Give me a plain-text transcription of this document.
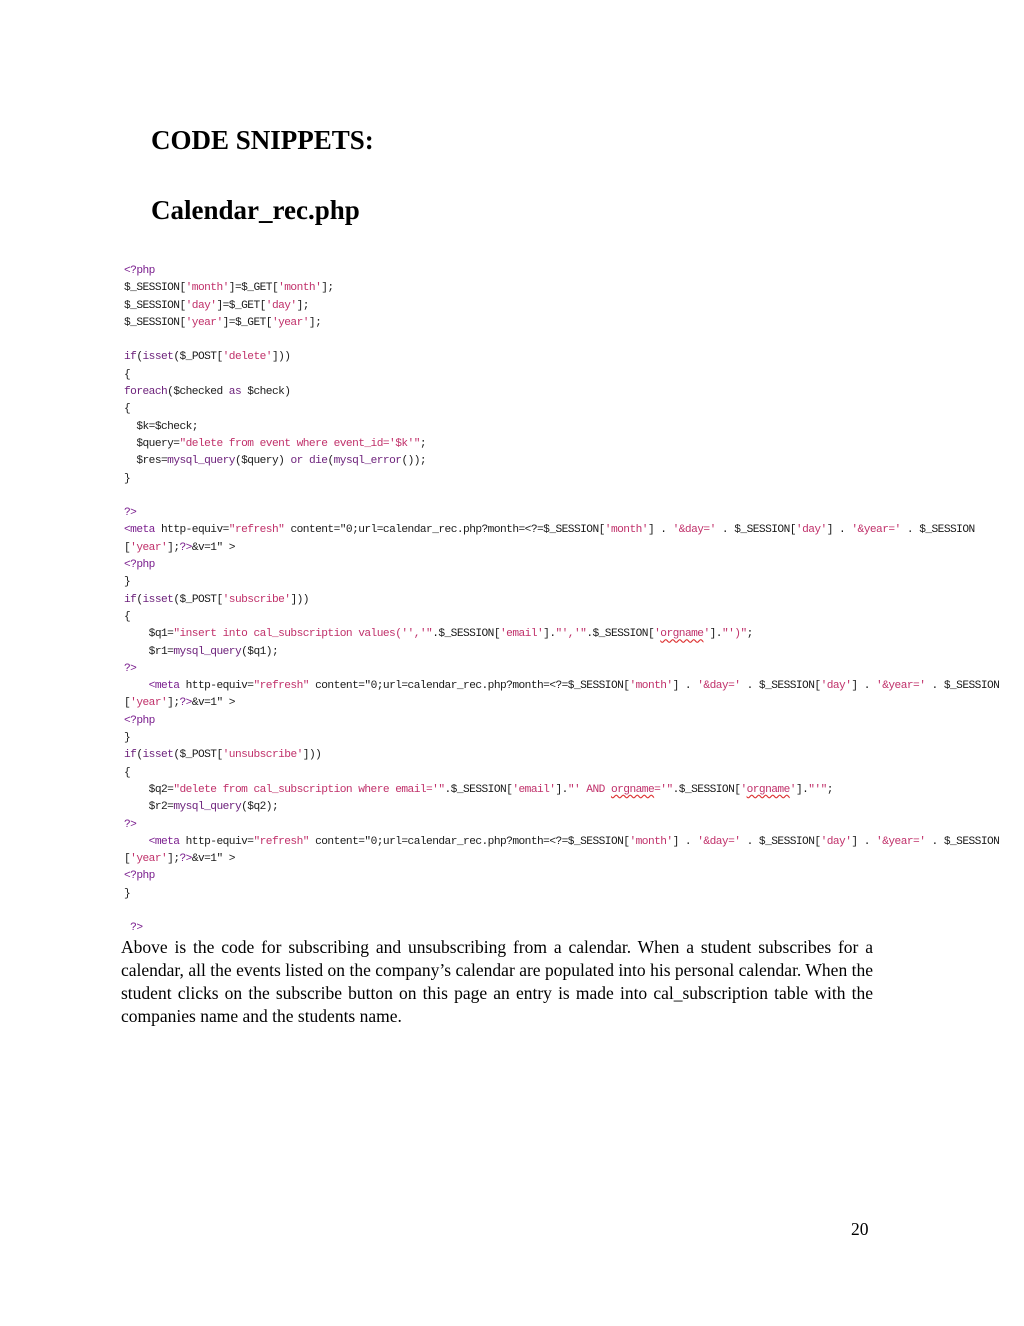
CODE SNIPPETS:
Calendar_rec.php
<?php
$_SESSION['month']=$_GET['month'];
$_SESSION['day']=$_GET['day'];
$_SESSION['year']=$_GET['year'];
if(isset($_POST['delete']))
{
foreach($checked as $check)
{
$k=$check;
$query="delete from event where event_id='$k'";
$res=mysql_query($query) or die(mysql_error());
}
?>
<meta http-equiv="refresh" content="0;url=calendar_rec.php?month=<?=$_SESSION['month'] . '&day=' . $_SESSION['day'] . '&year=' . $_SESSION
['year'];?>&v=1" >
<?php
}
if(isset($_POST['subscribe']))
{
$q1="insert into cal_subscription values('','".$_SESSION['email']."','".$_SESSION['orgname']."')";
$r1=mysql_query($q1);
?>
<meta http-equiv="refresh" content="0;url=calendar_rec.php?month=<?=$_SESSION['month'] . '&day=' . $_SESSION['day'] . '&year=' . $_SESSION
['year'];?>&v=1" >
<?php
}
if(isset($_POST['unsubscribe']))
{
$q2="delete from cal_subscription where email='".$_SESSION['email']."' AND orgname='".$_SESSION['orgname']."'";
$r2=mysql_query($q2);
?>
<meta http-equiv="refresh" content="0;url=calendar_rec.php?month=<?=$_SESSION['month'] . '&day=' . $_SESSION['day'] . '&year=' . $_SESSION
['year'];?>&v=1" >
<?php
}
?>

Above is the code for subscribing and unsubscribing from a calendar. When a student subscribes for a calendar, all the events listed on the company’s calendar are populated into his personal calendar. When the student clicks on the subscribe button on this page an entry is made into cal_subscription table with the companies name and the students name.

20
